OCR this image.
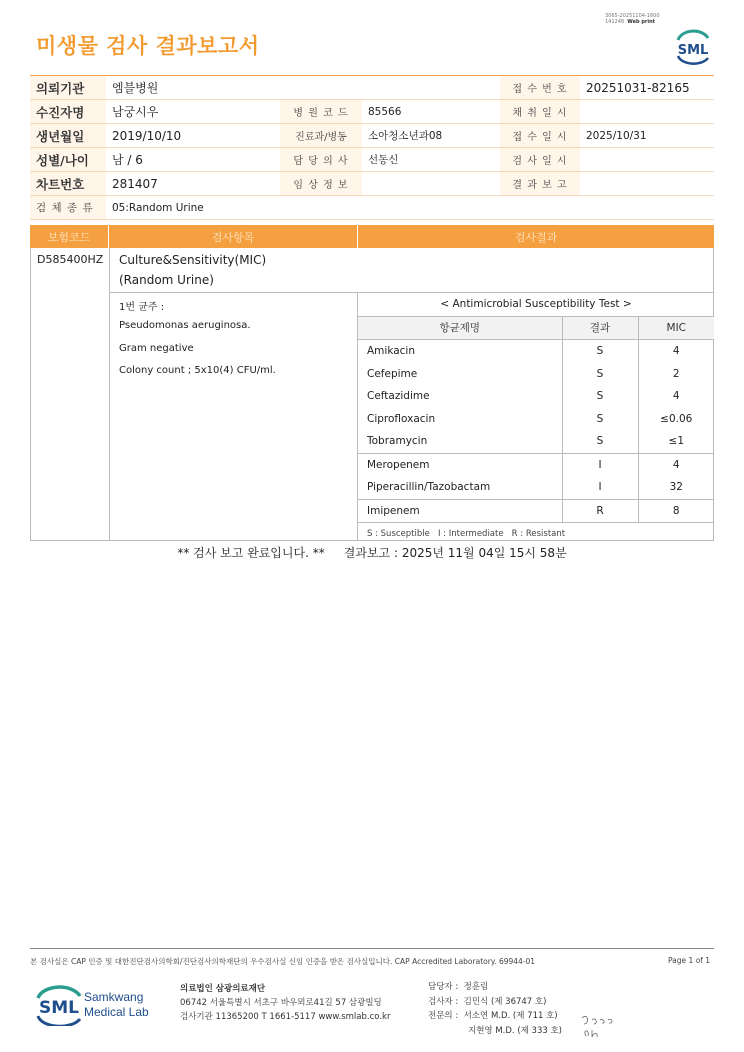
미생물 검사 결과보고서
3065-20251104-1600
141248 Web print
SML
의뢰기관	엠블병원			접 수 번 호	20251031-82165
수진자명	남궁시우	병 원 코 드	85566	채 취 일 시	
생년월일	2019/10/10	진료과/병동	소아청소년과08	접 수 일 시	2025/10/31
성별/나이	남 / 6	담 당 의 사	선동신	검 사 일 시	
차트번호	281407	임 상 정 보		결 과 보 고	
검 체 종 류	05:Random Urine				
보험코드	검사항목	검사결과
D585400HZ Culture&Sensitivity(MIC)
(Random Urine)
1번 균주 :
Pseudomonas aeruginosa.
Gram negative
Colony count ; 5x10(4) CFU/ml.
< Antimicrobial Susceptibility Test >		
항균제명	결과	MIC
Amikacin	S	4
Cefepime	S	2
Ceftazidime	S	4
Ciprofloxacin	S	≤0.06
Tobramycin	S	≤1
Meropenem	I	4
Piperacillin/Tazobactam	I	32
Imipenem	R	8
S : Susceptible   I : Intermediate   R : Resistant		
** 검사 보고 완료입니다. **     결과보고 : 2025년 11월 04일 15시 58분
본 검사실은 CAP 인증 및 대한진단검사의학회/진단검사의학재단의 우수검사실 신임 인증을 받은 검사실입니다. CAP Accredited Laboratory. 69944-01	Page 1 of 1
SML
Samkwang
Medical Lab
의료법인 삼광의료재단
06742 서울특별시 서초구 바우뫼로41길 57 삼광빌딩
검사기관 11365200 T 1661-5117 www.smlab.co.kr
담당자 : 정훈림
검사자 : 김민식 (제 36747 호)
전문의 : 서소연 M.D. (제 711 호)
지현영 M.D. (제 333 호)
